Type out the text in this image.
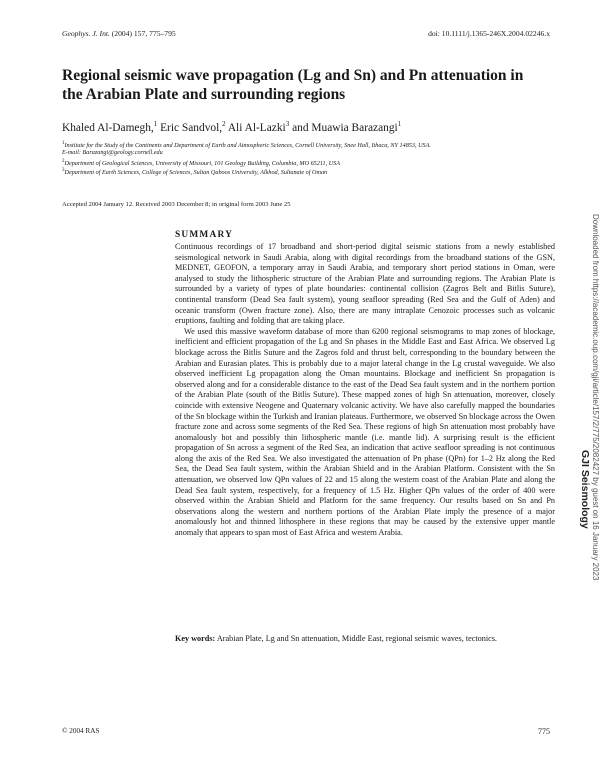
Geophys. J. Int. (2004) 157, 775–795	doi: 10.1111/j.1365-246X.2004.02246.x
Regional seismic wave propagation (Lg and Sn) and Pn attenuation in the Arabian Plate and surrounding regions
Khaled Al-Damegh,$^1$ Eric Sandvol,$^2$ Ali Al-Lazki$^3$ and Muawia Barazangi$^1$
$^1$Institute for the Study of the Continents and Department of Earth and Atmospheric Sciences, Cornell University, Snee Hall, Ithaca, NY 14853, USA.
E-mail: Barazangi@geology.cornell.edu
$^2$Department of Geological Sciences, University of Missouri, 101 Geology Building, Columbia, MO 65211, USA
$^3$Department of Earth Sciences, College of Sciences, Sultan Qaboos University, Alkhod, Sultanate of Oman
Accepted 2004 January 12. Received 2003 December 8; in original form 2003 June 25
SUMMARY

Continuous recordings of 17 broadband and short-period digital seismic stations from a newly established seismological network in Saudi Arabia, along with digital recordings from the broadband stations of the GSN, MEDNET, GEOFON, a temporary array in Saudi Arabia, and temporary short period stations in Oman, were analysed to study the lithospheric structure of the Arabian Plate and surrounding regions. The Arabian Plate is surrounded by a variety of types of plate boundaries: continental collision (Zagros Belt and Bitlis Suture), continental transform (Dead Sea fault system), young seafloor spreading (Red Sea and the Gulf of Aden) and oceanic transform (Owen fracture zone). Also, there are many intraplate Cenozoic processes such as volcanic eruptions, faulting and folding that are taking place.

We used this massive waveform database of more than 6200 regional seismograms to map zones of blockage, inefficient and efficient propagation of the Lg and Sn phases in the Middle East and East Africa. We observed Lg blockage across the Bitlis Suture and the Zagros fold and thrust belt, corresponding to the boundary between the Arabian and Eurasian plates. This is probably due to a major lateral change in the Lg crustal waveguide. We also observed inefficient Lg propagation along the Oman mountains. Blockage and inefficient Sn propagation is observed along and for a considerable distance to the east of the Dead Sea fault system and in the northern portion of the Arabian Plate (south of the Bitlis Suture). These mapped zones of high Sn attenuation, moreover, closely coincide with extensive Neogene and Quaternary volcanic activity. We have also carefully mapped the boundaries of the Sn blockage within the Turkish and Iranian plateaus. Furthermore, we observed Sn blockage across the Owen fracture zone and across some segments of the Red Sea. These regions of high Sn attenuation most probably have anomalously hot and possibly thin lithospheric mantle (i.e. mantle lid). A surprising result is the efficient propagation of Sn across a segment of the Red Sea, an indication that active seafloor spreading is not continuous along the axis of the Red Sea. We also investigated the attenuation of Pn phase (QPn) for 1–2 Hz along the Red Sea, the Dead Sea fault system, within the Arabian Shield and in the Arabian Platform. Consistent with the Sn attenuation, we observed low QPn values of 22 and 15 along the western coast of the Arabian Plate and along the Dead Sea fault system, respectively, for a frequency of 1.5 Hz. Higher QPn values of the order of 400 were observed within the Arabian Shield and Platform for the same frequency. Our results based on Sn and Pn observations along the western and northern portions of the Arabian Plate imply the presence of a major anomalously hot and thinned lithosphere in these regions that may be caused by the extensive upper mantle anomaly that appears to span most of East Africa and western Arabia.

Key words: Arabian Plate, Lg and Sn attenuation, Middle East, regional seismic waves, tectonics.
© 2004 RAS	775
Downloaded from https://academic.oup.com/gji/article/157/2/775/2082427 by guest on 16 January 2023
GJI Seismology
